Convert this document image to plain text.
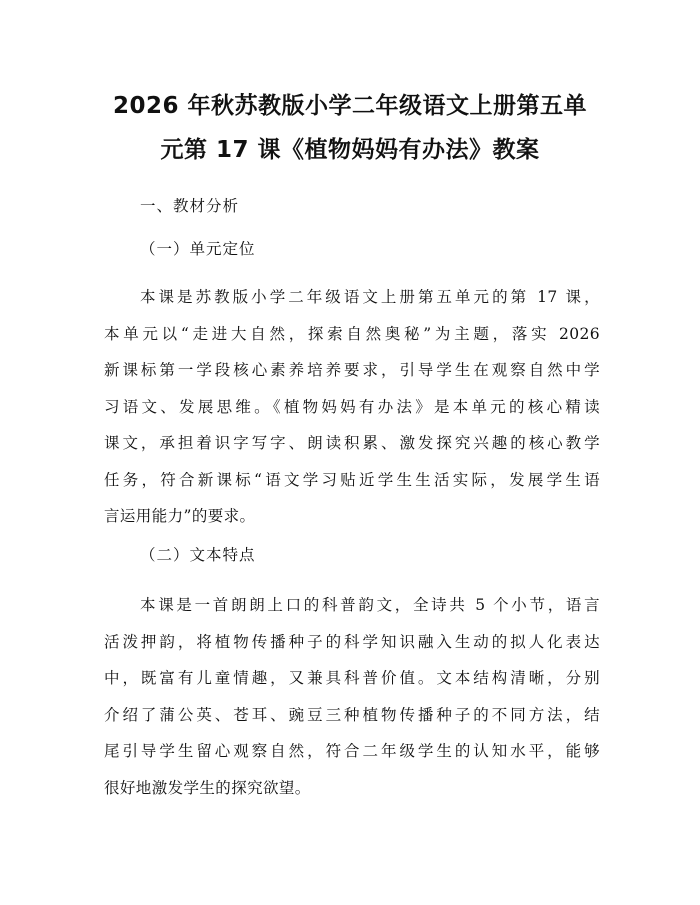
2026 年秋苏教版小学二年级语文上册第五单
元第 17 课《植物妈妈有办法》教案

一、教材分析

（一）单元定位

本课是苏教版小学二年级语文上册第五单元的第 17 课，
本单元以“走进大自然，探索自然奥秘”为主题，落实 2026
新课标第一学段核心素养培养要求，引导学生在观察自然中学
习语文、发展思维。《植物妈妈有办法》是本单元的核心精读
课文，承担着识字写字、朗读积累、激发探究兴趣的核心教学
任务，符合新课标“语文学习贴近学生生活实际，发展学生语
言运用能力”的要求。

（二）文本特点

本课是一首朗朗上口的科普韵文，全诗共 5 个小节，语言
活泼押韵，将植物传播种子的科学知识融入生动的拟人化表达
中，既富有儿童情趣，又兼具科普价值。文本结构清晰，分别
介绍了蒲公英、苍耳、豌豆三种植物传播种子的不同方法，结
尾引导学生留心观察自然，符合二年级学生的认知水平，能够
很好地激发学生的探究欲望。
